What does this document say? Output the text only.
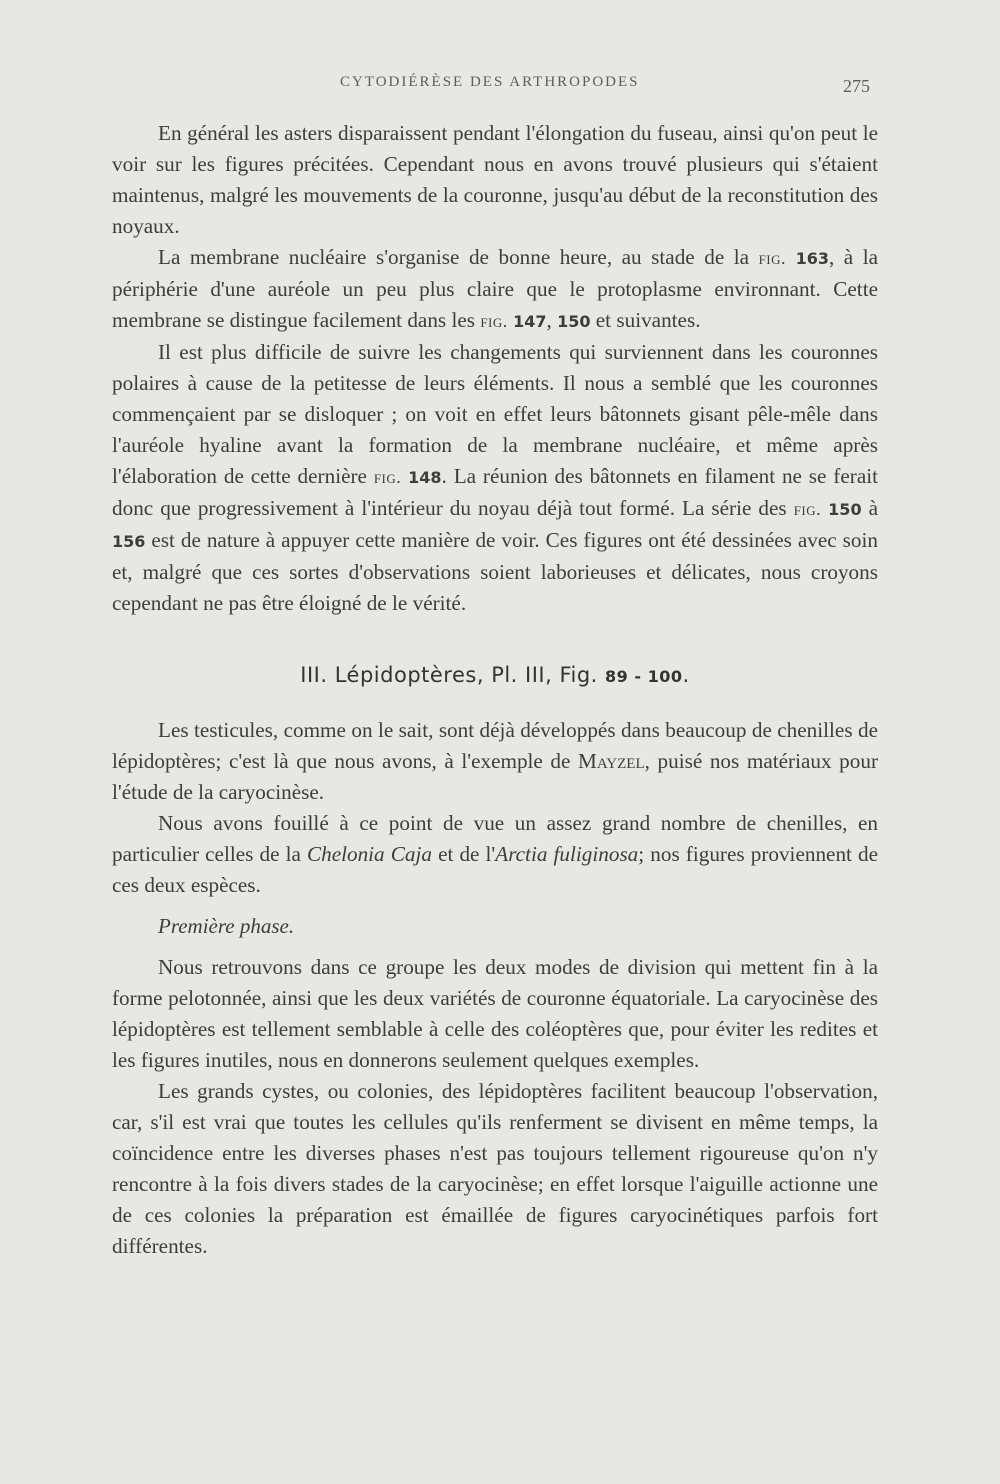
CYTODIÉRÈSE DES ARTHROPODES	275

En général les asters disparaissent pendant l'élongation du fuseau, ainsi qu'on peut le voir sur les figures précitées. Cependant nous en avons trouvé plusieurs qui s'étaient maintenus, malgré les mouvements de la couronne, jusqu'au début de la reconstitution des noyaux.

La membrane nucléaire s'organise de bonne heure, au stade de la fig. 163, à la périphérie d'une auréole un peu plus claire que le protoplasme environnant. Cette membrane se distingue facilement dans les fig. 147, 150 et suivantes.

Il est plus difficile de suivre les changements qui surviennent dans les couronnes polaires à cause de la petitesse de leurs éléments. Il nous a semblé que les couronnes commençaient par se disloquer ; on voit en effet leurs bâtonnets gisant pêle-mêle dans l'auréole hyaline avant la formation de la membrane nucléaire, et même après l'élaboration de cette dernière fig. 148. La réunion des bâtonnets en filament ne se ferait donc que progressivement à l'intérieur du noyau déjà tout formé. La série des fig. 150 à 156 est de nature à appuyer cette manière de voir. Ces figures ont été dessinées avec soin et, malgré que ces sortes d'observations soient laborieuses et délicates, nous croyons cependant ne pas être éloigné de le vérité.

III. Lépidoptères, Pl. III, Fig. 89 - 100.

Les testicules, comme on le sait, sont déjà développés dans beaucoup de chenilles de lépidoptères; c'est là que nous avons, à l'exemple de Mayzel, puisé nos matériaux pour l'étude de la caryocinèse.

Nous avons fouillé à ce point de vue un assez grand nombre de chenilles, en particulier celles de la Chelonia Caja et de l'Arctia fuliginosa; nos figures proviennent de ces deux espèces.

Première phase.

Nous retrouvons dans ce groupe les deux modes de division qui mettent fin à la forme pelotonnée, ainsi que les deux variétés de couronne équatoriale. La caryocinèse des lépidoptères est tellement semblable à celle des coléoptères que, pour éviter les redites et les figures inutiles, nous en donnerons seulement quelques exemples.

Les grands cystes, ou colonies, des lépidoptères facilitent beaucoup l'observation, car, s'il est vrai que toutes les cellules qu'ils renferment se divisent en même temps, la coïncidence entre les diverses phases n'est pas toujours tellement rigoureuse qu'on n'y rencontre à la fois divers stades de la caryocinèse; en effet lorsque l'aiguille actionne une de ces colonies la préparation est émaillée de figures caryocinétiques parfois fort différentes.
